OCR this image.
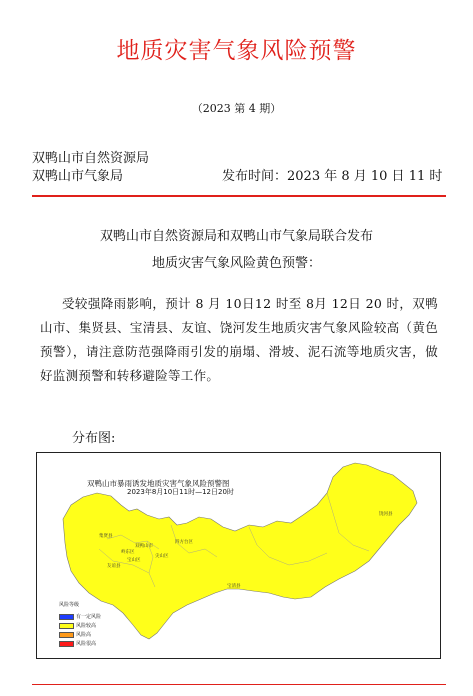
地质灾害气象风险预警
（2023 第 4 期）
双鸭山市自然资源局
双鸭山市气象局	发布时间：2023 年 8 月 10 日 11 时
双鸭山市自然资源局和双鸭山市气象局联合发布
地质灾害气象风险黄色预警：
受较强降雨影响，预计 8 月 10日12 时至 8月 12日 20 时，双鸭山市、集贤县、宝清县、友谊、饶河发生地质灾害气象风险较高（黄色预警），请注意防范强降雨引发的崩塌、滑坡、泥石流等地质灾害，做好监测预警和转移避险等工作。
分布图:
双鸭山市暴雨诱发地质灾害气象风险预警图
2023年8月10日11时—12日20时
集贤县
双鸭山市
岭东区
尖山区
宝山区
四方台区
友谊县
宝清县
饶河县
风险等级
有一定风险
风险较高
风险高
风险很高
